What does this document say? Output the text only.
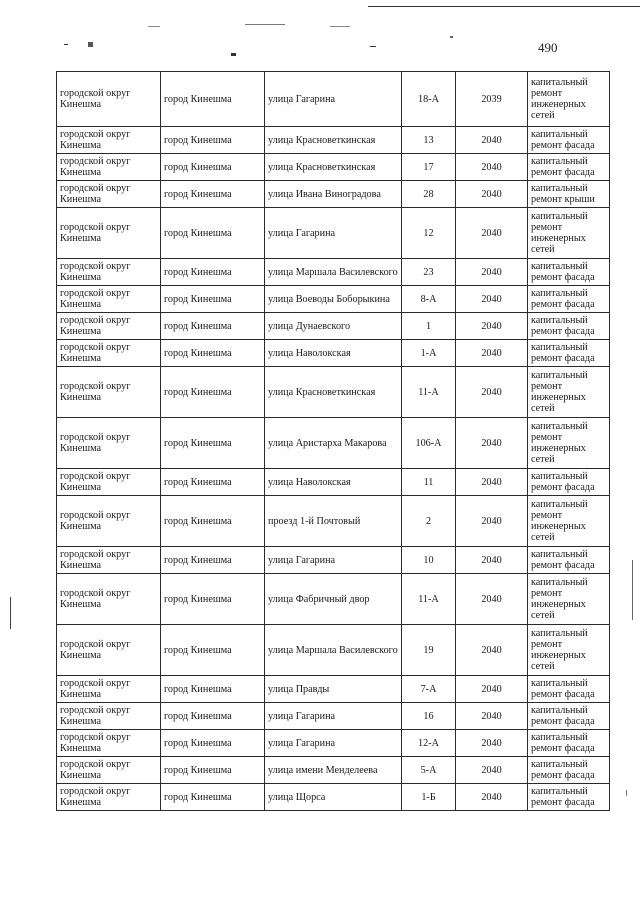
490
городской округ Кинешма	город Кинешма	улица Гагарина	18-А	2039	капитальный ремонт инженерных сетей
городской округ Кинешма	город Кинешма	улица Красноветкинская	13	2040	капитальный ремонт фасада
городской округ Кинешма	город Кинешма	улица Красноветкинская	17	2040	капитальный ремонт фасада
городской округ Кинешма	город Кинешма	улица Ивана Виноградова	28	2040	капитальный ремонт крыши
городской округ Кинешма	город Кинешма	улица Гагарина	12	2040	капитальный ремонт инженерных сетей
городской округ Кинешма	город Кинешма	улица Маршала Василевского	23	2040	капитальный ремонт фасада
городской округ Кинешма	город Кинешма	улица Воеводы Боборыкина	8-А	2040	капитальный ремонт фасада
городской округ Кинешма	город Кинешма	улица Дунаевского	1	2040	капитальный ремонт фасада
городской округ Кинешма	город Кинешма	улица Наволокская	1-А	2040	капитальный ремонт фасада
городской округ Кинешма	город Кинешма	улица Красноветкинская	11-А	2040	капитальный ремонт инженерных сетей
городской округ Кинешма	город Кинешма	улица Аристарха Макарова	106-А	2040	капитальный ремонт инженерных сетей
городской округ Кинешма	город Кинешма	улица Наволокская	11	2040	капитальный ремонт фасада
городской округ Кинешма	город Кинешма	проезд 1-й Почтовый	2	2040	капитальный ремонт инженерных сетей
городской округ Кинешма	город Кинешма	улица Гагарина	10	2040	капитальный ремонт фасада
городской округ Кинешма	город Кинешма	улица Фабричный двор	11-А	2040	капитальный ремонт инженерных сетей
городской округ Кинешма	город Кинешма	улица Маршала Василевского	19	2040	капитальный ремонт инженерных сетей
городской округ Кинешма	город Кинешма	улица Правды	7-А	2040	капитальный ремонт фасада
городской округ Кинешма	город Кинешма	улица Гагарина	16	2040	капитальный ремонт фасада
городской округ Кинешма	город Кинешма	улица Гагарина	12-А	2040	капитальный ремонт фасада
городской округ Кинешма	город Кинешма	улица имени Менделеева	5-А	2040	капитальный ремонт фасада
городской округ Кинешма	город Кинешма	улица Щорса	1-Б	2040	капитальный ремонт фасада
